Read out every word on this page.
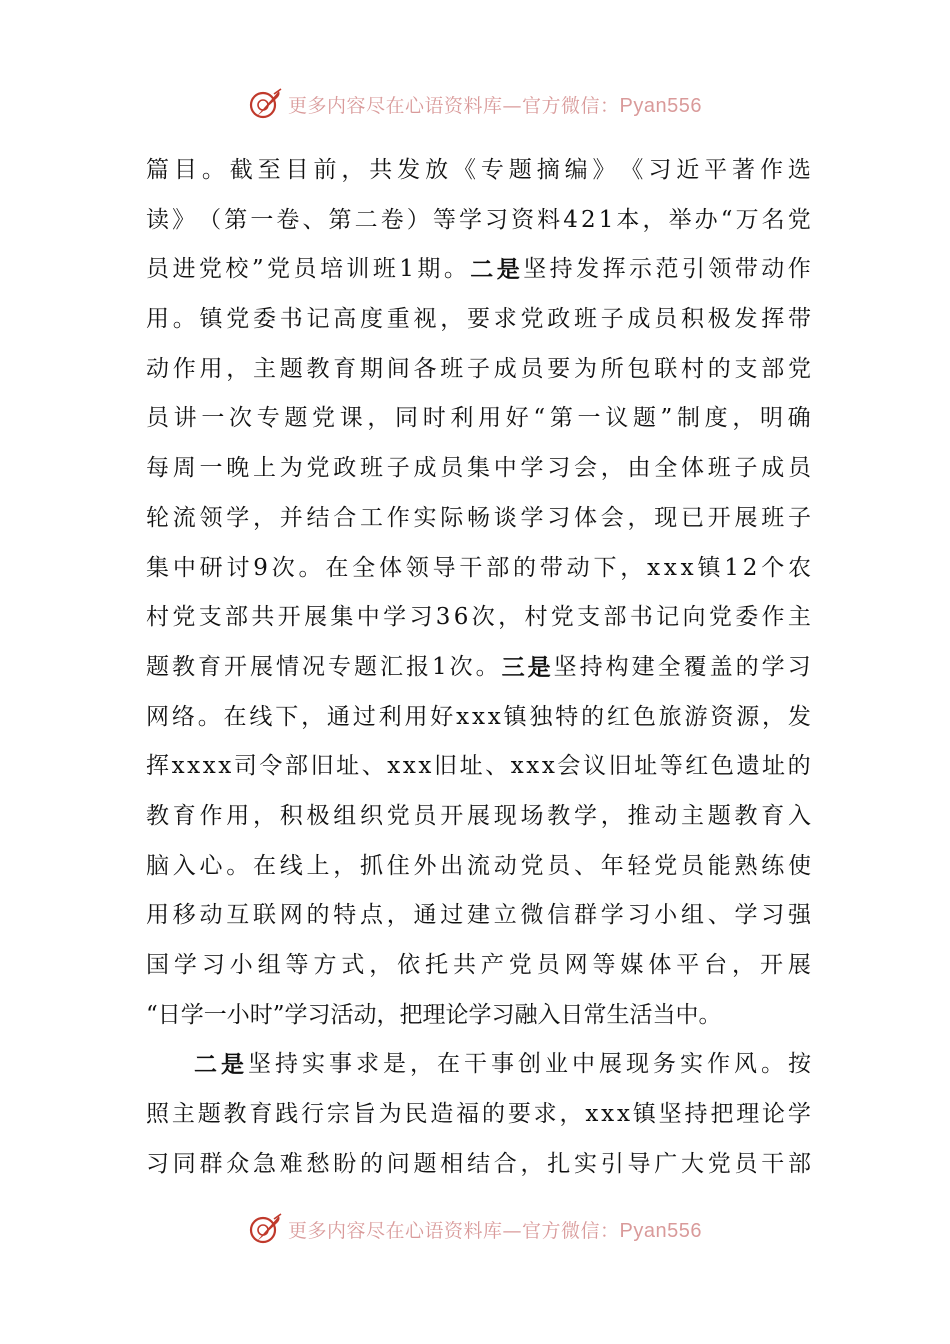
更多内容尽在心语资料库—官方微信：Pyan556
篇 目 。 截 至 目 前 ， 共 发 放 《 专 题 摘 编 》 《 习 近 平 著 作 选
读 》 （ 第 一 卷 、 第 二 卷 ） 等 学 习 资 料 4 2 1 本 ， 举 办 “ 万 名 党
员 进 党 校 ” 党 员 培 训 班 1 期 。 二 是 坚 持 发 挥 示 范 引 领 带 动 作
用 。 镇 党 委 书 记 高 度 重 视 ， 要 求 党 政 班 子 成 员 积 极 发 挥 带
动 作 用 ， 主 题 教 育 期 间 各 班 子 成 员 要 为 所 包 联 村 的 支 部 党
员 讲 一 次 专 题 党 课 ， 同 时 利 用 好 “ 第 一 议 题 ” 制 度 ， 明 确
每 周 一 晚 上 为 党 政 班 子 成 员 集 中 学 习 会 ， 由 全 体 班 子 成 员
轮 流 领 学 ， 并 结 合 工 作 实 际 畅 谈 学 习 体 会 ， 现 已 开 展 班 子
集 中 研 讨 9 次 。 在 全 体 领 导 干 部 的 带 动 下 ， x x x 镇 1 2 个 农
村 党 支 部 共 开 展 集 中 学 习 3 6 次 ， 村 党 支 部 书 记 向 党 委 作 主
题 教 育 开 展 情 况 专 题 汇 报 1 次 。 三 是 坚 持 构 建 全 覆 盖 的 学 习
网 络 。 在 线 下 ， 通 过 利 用 好 x x x 镇 独 特 的 红 色 旅 游 资 源 ， 发
挥 x x x x 司 令 部 旧 址 、 x x x 旧 址 、 x x x 会 议 旧 址 等 红 色 遗 址 的
教 育 作 用 ， 积 极 组 织 党 员 开 展 现 场 教 学 ， 推 动 主 题 教 育 入
脑 入 心 。 在 线 上 ， 抓 住 外 出 流 动 党 员 、 年 轻 党 员 能 熟 练 使
用 移 动 互 联 网 的 特 点 ， 通 过 建 立 微 信 群 学 习 小 组 、 学 习 强
国 学 习 小 组 等 方 式 ， 依 托 共 产 党 员 网 等 媒 体 平 台 ， 开 展
“日学一小时”学习活动，把理论学习融入日常生活当中。
二 是 坚 持 实 事 求 是 ， 在 干 事 创 业 中 展 现 务 实 作 风 。 按
照 主 题 教 育 践 行 宗 旨 为 民 造 福 的 要 求 ， x x x 镇 坚 持 把 理 论 学
习 同 群 众 急 难 愁 盼 的 问 题 相 结 合 ， 扎 实 引 导 广 大 党 员 干 部
更多内容尽在心语资料库—官方微信：Pyan556
